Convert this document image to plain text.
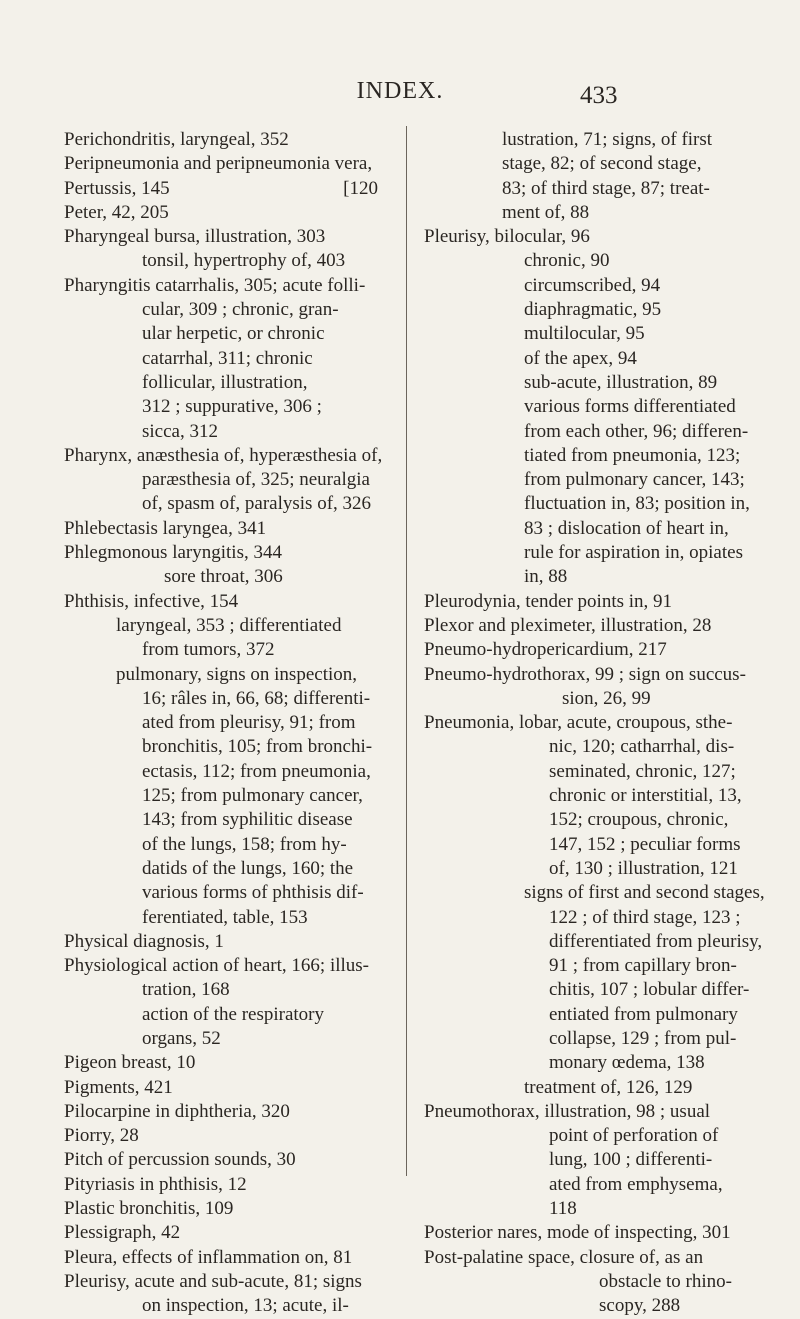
INDEX.	433
Perichondritis, laryngeal, 352
Peripneumonia and peripneumonia vera,
Pertussis, 145	[120
Peter, 42, 205
Pharyngeal bursa, illustration, 303
tonsil, hypertrophy of, 403
Pharyngitis catarrhalis, 305; acute folli-
cular, 309 ; chronic, gran-
ular herpetic, or chronic
catarrhal, 311; chronic
follicular, illustration,
312 ; suppurative, 306 ;
sicca, 312
Pharynx, anæsthesia of, hyperæsthesia of,
paræsthesia of, 325; neuralgia
of, spasm of, paralysis of, 326
Phlebectasis laryngea, 341
Phlegmonous laryngitis, 344
sore throat, 306
Phthisis, infective, 154
laryngeal, 353 ; differentiated
from tumors, 372
pulmonary, signs on inspection,
16; râles in, 66, 68; differenti-
ated from pleurisy, 91; from
bronchitis, 105; from bronchi-
ectasis, 112; from pneumonia,
125; from pulmonary cancer,
143; from syphilitic disease
of the lungs, 158; from hy-
datids of the lungs, 160; the
various forms of phthisis dif-
ferentiated, table, 153
Physical diagnosis, 1
Physiological action of heart, 166; illus-
tration, 168
action of the respiratory
organs, 52
Pigeon breast, 10
Pigments, 421
Pilocarpine in diphtheria, 320
Piorry, 28
Pitch of percussion sounds, 30
Pityriasis in phthisis, 12
Plastic bronchitis, 109
Plessigraph, 42
Pleura, effects of inflammation on, 81
Pleurisy, acute and sub-acute, 81; signs
on inspection, 13; acute, il-
lustration, 71; signs, of first
stage, 82; of second stage,
83; of third stage, 87; treat-
ment of, 88
Pleurisy, bilocular, 96
chronic, 90
circumscribed, 94
diaphragmatic, 95
multilocular, 95
of the apex, 94
sub-acute, illustration, 89
various forms differentiated
from each other, 96; differen-
tiated from pneumonia, 123;
from pulmonary cancer, 143;
fluctuation in, 83; position in,
83 ; dislocation of heart in,
rule for aspiration in, opiates
in, 88
Pleurodynia, tender points in, 91
Plexor and pleximeter, illustration, 28
Pneumo-hydropericardium, 217
Pneumo-hydrothorax, 99 ; sign on succus-
sion, 26, 99
Pneumonia, lobar, acute, croupous, sthe-
nic, 120; catharrhal, dis-
seminated, chronic, 127;
chronic or interstitial, 13,
152; croupous, chronic,
147, 152 ; peculiar forms
of, 130 ; illustration, 121
signs of first and second stages,
122 ; of third stage, 123 ;
differentiated from pleurisy,
91 ; from capillary bron-
chitis, 107 ; lobular differ-
entiated from pulmonary
collapse, 129 ; from pul-
monary œdema, 138
treatment of, 126, 129
Pneumothorax, illustration, 98 ; usual
point of perforation of
lung, 100 ; differenti-
ated from emphysema,
118
Posterior nares, mode of inspecting, 301
Post-palatine space, closure of, as an
obstacle to rhino-
scopy, 288
